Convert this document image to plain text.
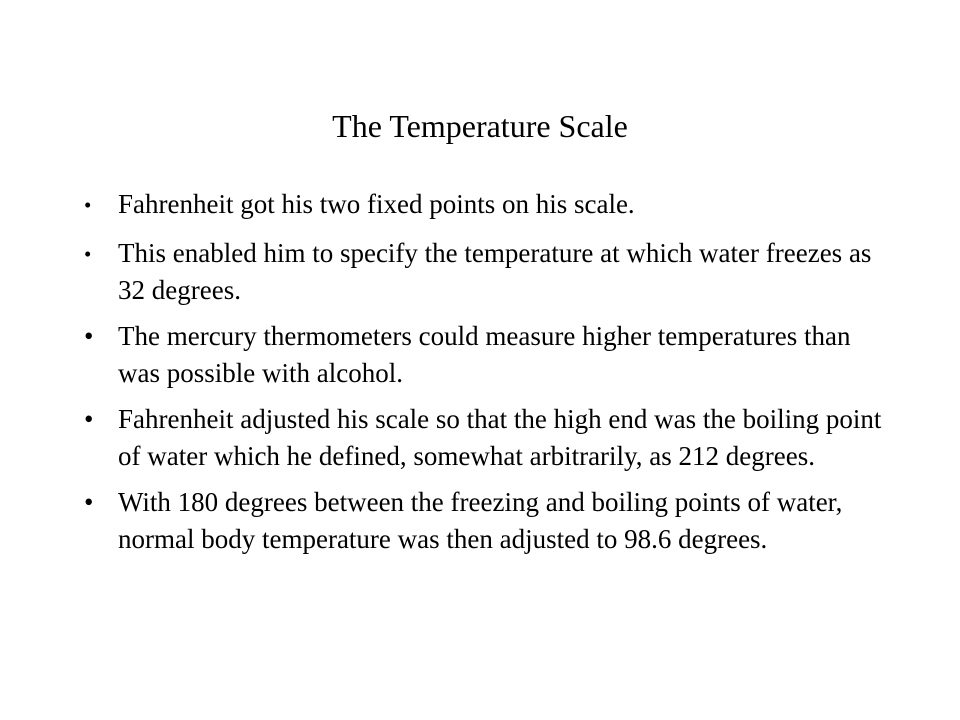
The Temperature Scale
• Fahrenheit got his two fixed points on his scale.
• This enabled him to specify the temperature at which water freezes as 32 degrees.
• The mercury thermometers could measure higher temperatures than was possible with alcohol.
• Fahrenheit adjusted his scale so that the high end was the boiling point of water which he defined, somewhat arbitrarily, as 212 degrees.
• With 180 degrees between the freezing and boiling points of water, normal body temperature was then adjusted to 98.6 degrees.
